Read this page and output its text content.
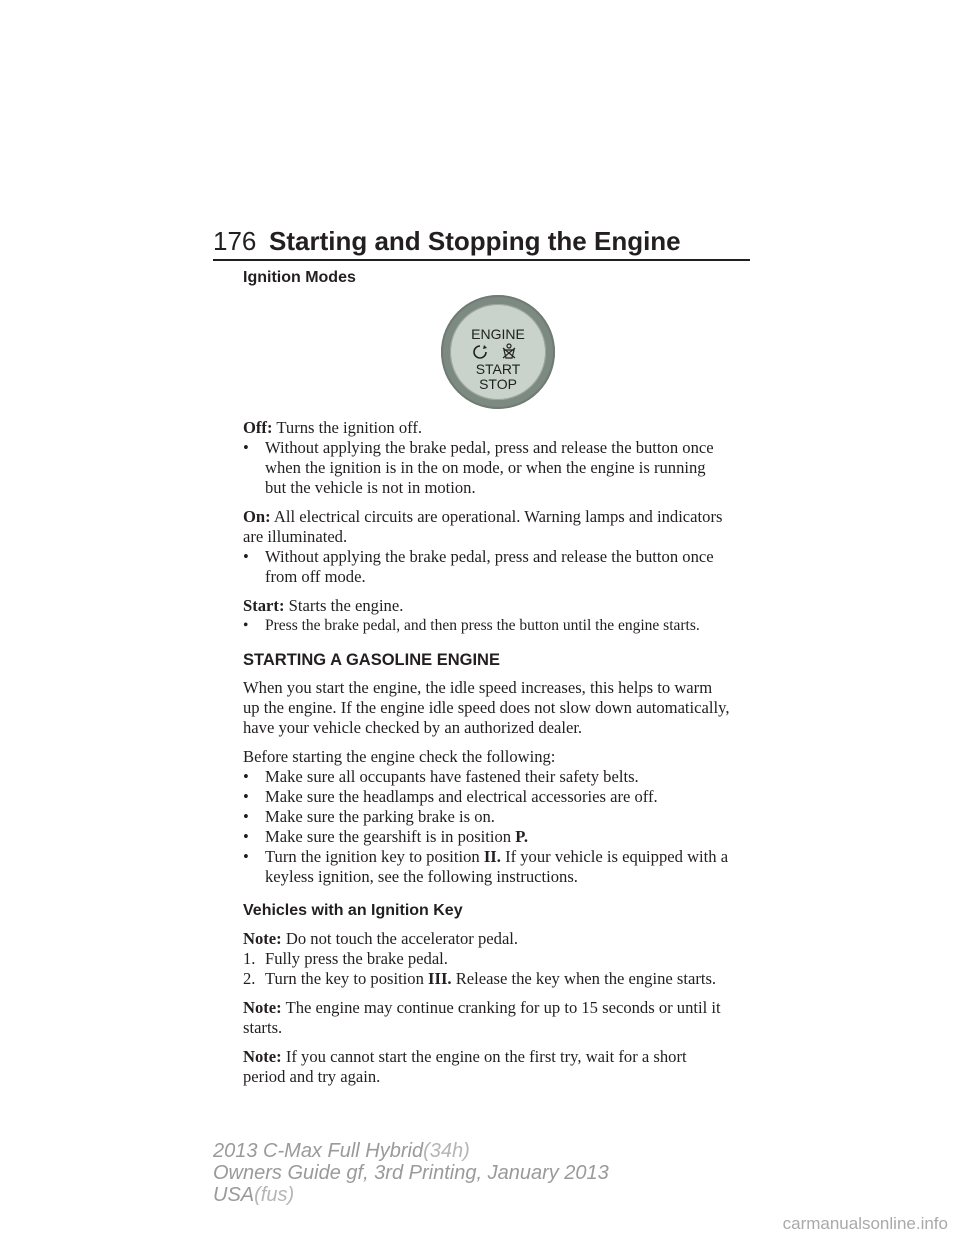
176 Starting and Stopping the Engine

Ignition Modes

ENGINE
START
STOP

Off: Turns the ignition off.

• Without applying the brake pedal, press and release the button once
when the ignition is in the on mode, or when the engine is running
but the vehicle is not in motion.

On: All electrical circuits are operational. Warning lamps and indicators

are illuminated.

• Without applying the brake pedal, press and release the button once
from off mode.

Start: Starts the engine.

• Press the brake pedal, and then press the button until the engine starts.

STARTING A GASOLINE ENGINE

When you start the engine, the idle speed increases, this helps to warm
up the engine. If the engine idle speed does not slow down automatically,
have your vehicle checked by an authorized dealer.

Before starting the engine check the following:

• Make sure all occupants have fastened their safety belts.
• Make sure the headlamps and electrical accessories are off.
• Make sure the parking brake is on.
• Make sure the gearshift is in position P.
• Turn the ignition key to position II. If your vehicle is equipped with a
keyless ignition, see the following instructions.

Vehicles with an Ignition Key

Note: Do not touch the accelerator pedal.

1. Fully press the brake pedal.
2. Turn the key to position III. Release the key when the engine starts.

Note: The engine may continue cranking for up to 15 seconds or until it

starts.

Note: If you cannot start the engine on the first try, wait for a short

period and try again.

2013 C-Max Full Hybrid(34h)
Owners Guide gf, 3rd Printing, January 2013
USA(fus)
carmanualsonline.info
